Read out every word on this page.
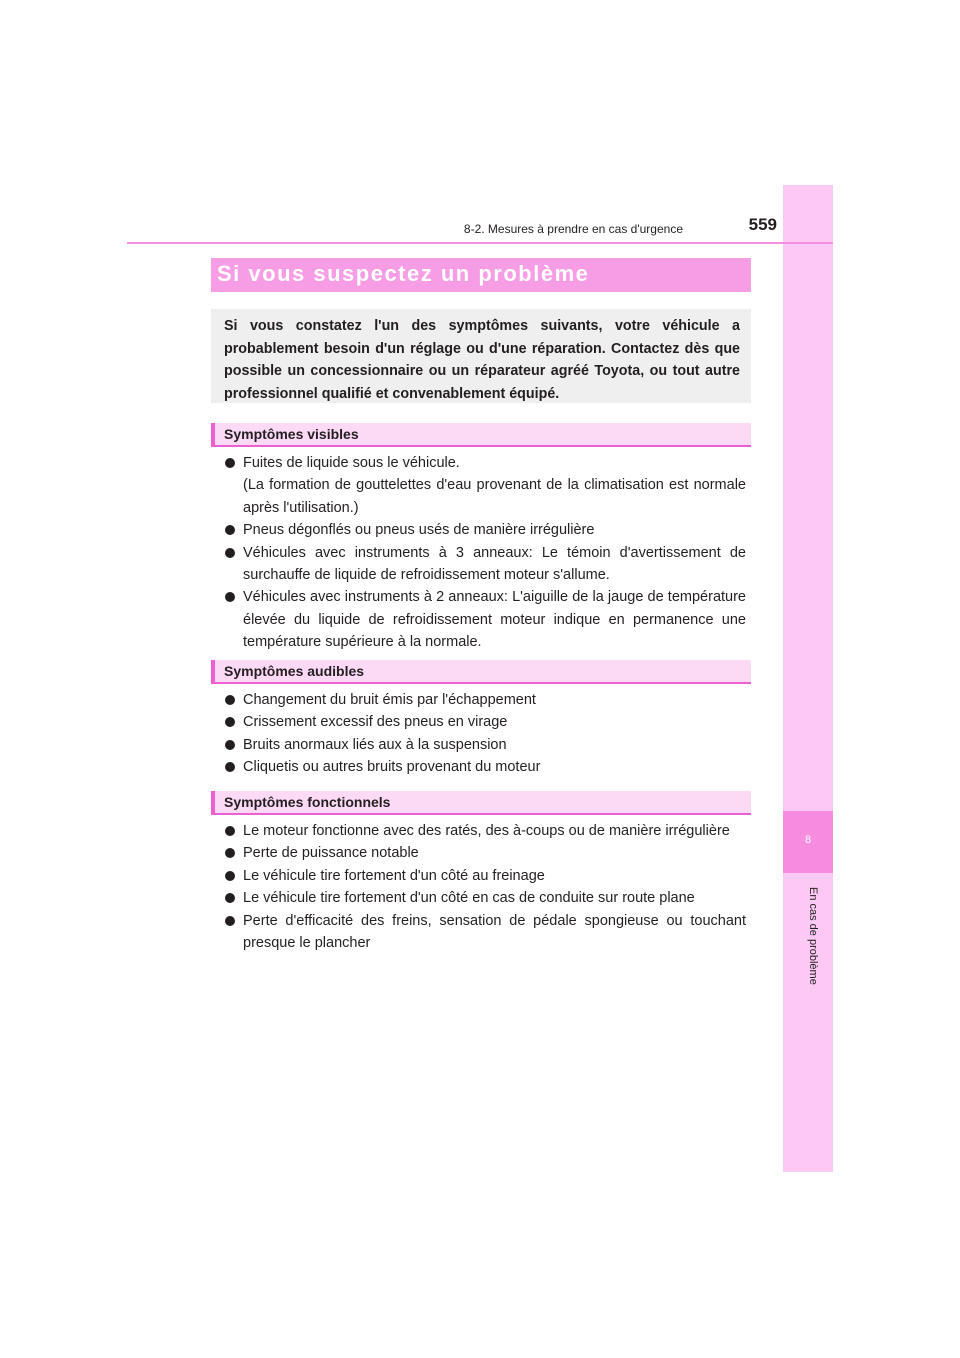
8
En cas de problème
8-2. Mesures à prendre en cas d'urgence	559
Si vous suspectez un problème

Si vous constatez l'un des symptômes suivants, votre véhicule a probablement besoin d'un réglage ou d'une réparation. Contactez dès que possible un concessionnaire ou un réparateur agréé Toyota, ou tout autre professionnel qualifié et convenablement équipé.

Symptômes visibles
Fuites de liquide sous le véhicule.
(La formation de gouttelettes d'eau provenant de la climatisation est normale après l'utilisation.)
Pneus dégonflés ou pneus usés de manière irrégulière
Véhicules avec instruments à 3 anneaux: Le témoin d'avertissement de surchauffe de liquide de refroidissement moteur s'allume.
Véhicules avec instruments à 2 anneaux: L'aiguille de la jauge de température élevée du liquide de refroidissement moteur indique en permanence une température supérieure à la normale.
Symptômes audibles
Changement du bruit émis par l'échappement
Crissement excessif des pneus en virage
Bruits anormaux liés aux à la suspension
Cliquetis ou autres bruits provenant du moteur
Symptômes fonctionnels
Le moteur fonctionne avec des ratés, des à-coups ou de manière irrégulière
Perte de puissance notable
Le véhicule tire fortement d'un côté au freinage
Le véhicule tire fortement d'un côté en cas de conduite sur route plane
Perte d'efficacité des freins, sensation de pédale spongieuse ou touchant presque le plancher
